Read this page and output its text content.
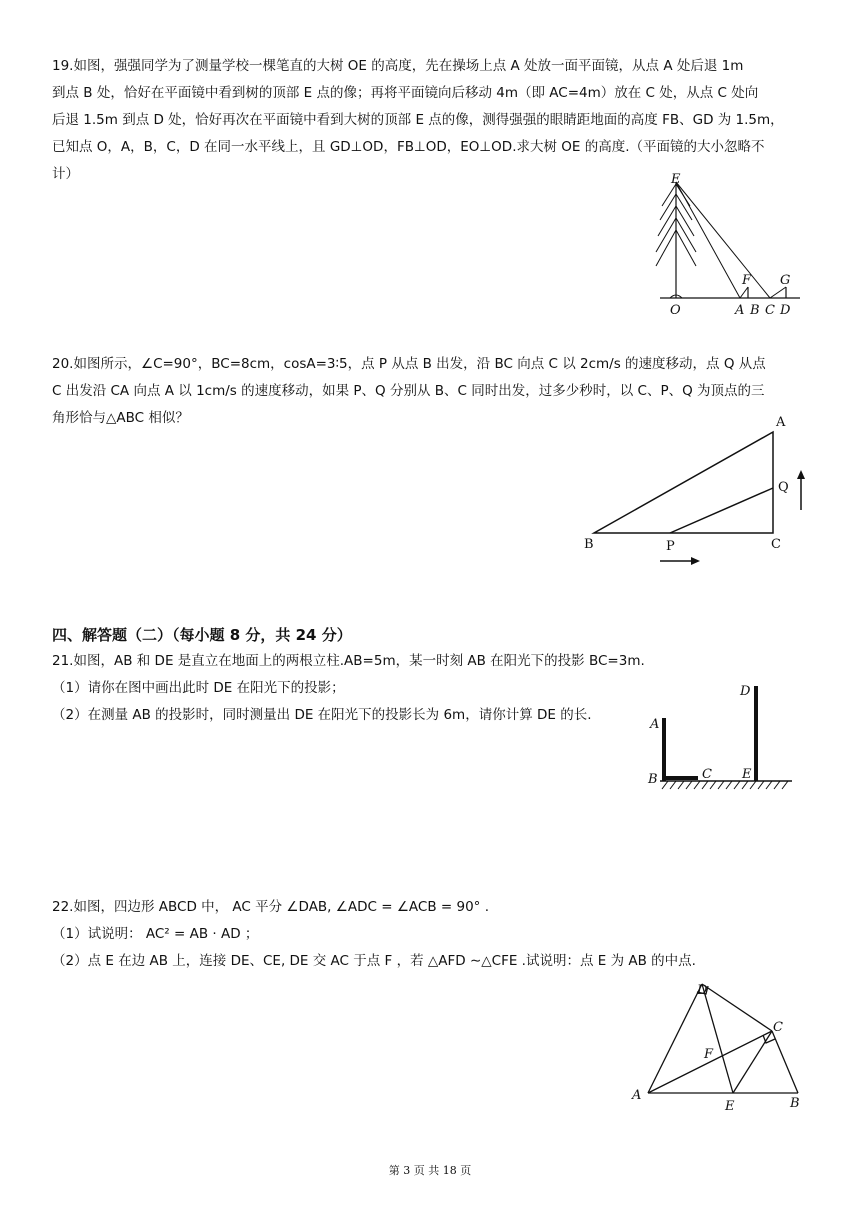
19.如图，强强同学为了测量学校一棵笔直的大树 OE 的高度，先在操场上点 A 处放一面平面镜，从点 A 处后退 1m

到点 B 处，恰好在平面镜中看到树的顶部 E 点的像；再将平面镜向后移动 4m（即 AC=4m）放在 C 处，从点 C 处向

后退 1.5m 到点 D 处，恰好再次在平面镜中看到大树的顶部 E 点的像，测得强强的眼睛距地面的高度 FB、GD 为 1.5m，

已知点 O，A，B，C，D 在同一水平线上，且 GD⊥OD，FB⊥OD，EO⊥OD.求大树 OE 的高度.（平面镜的大小忽略不

计）	E
F G
O	A B C D

20.如图所示，∠C=90°，BC=8cm，cosA=3∶5，点 P 从点 B 出发，沿 BC 向点 C 以 2cm/s 的速度移动，点 Q 从点

C 出发沿 CA 向点 A 以 1cm/s 的速度移动，如果 P、Q 分别从 B、C 同时出发，过多少秒时，以 C、P、Q 为顶点的三

角形恰与△ABC 相似？	A
B	C
P
Q
四、解答题（二）（每小题 8 分，共 24 分）

21.如图，AB 和 DE 是直立在地面上的两根立柱.AB=5m，某一时刻 AB 在阳光下的投影 BC=3m.

（1）请你在图中画出此时 DE 在阳光下的投影；

（2）在测量 AB 的投影时，同时测量出 DE 在阳光下的投影长为 6m，请你计算 DE 的长.

A
B	C
D
E

22.如图，四边形 ABCD 中， AC 平分 ∠DAB, ∠ADC = ∠ACB = 90° .

（1）试说明： AC² = AB · AD ；

（2）点 E 在边 AB 上，连接 DE、CE, DE 交 AC 于点 F ，若 △AFD ∼△CFE .试说明：点 E 为 AB 的中点.

D
C
F
A
E	B
第 3 页 共 18 页
